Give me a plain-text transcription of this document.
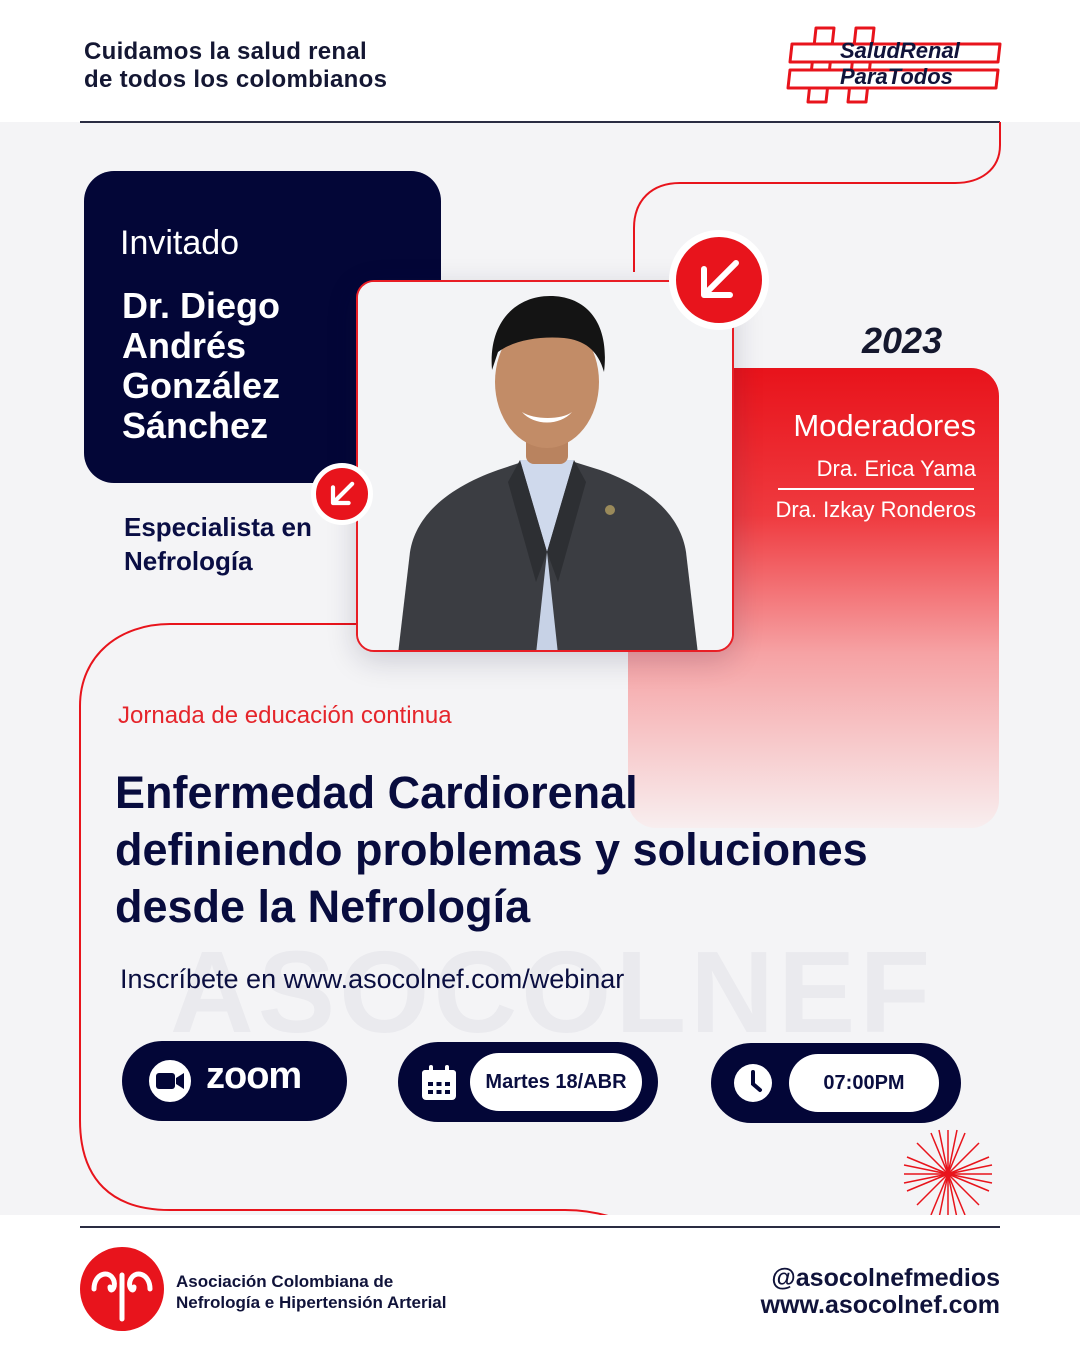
Cuidamos la salud renal
de todos los colombianos
SaludRenal
ParaTodos
2023
Moderadores
Dra. Erica Yama
Dra. Izkay Ronderos
Invitado
Dr. Diego Andrés González Sánchez
Especialista en Nefrología
Jornada de educación continua
Enfermedad Cardiorenal
definiendo problemas y soluciones
desde la Nefrología
Inscríbete en www.asocolnef.com/webinar
zoom	Martes 18/ABR	07:00PM
Asociación Colombiana de
Nefrología e Hipertensión Arterial
@asocolnefmedios
www.asocolnef.com
